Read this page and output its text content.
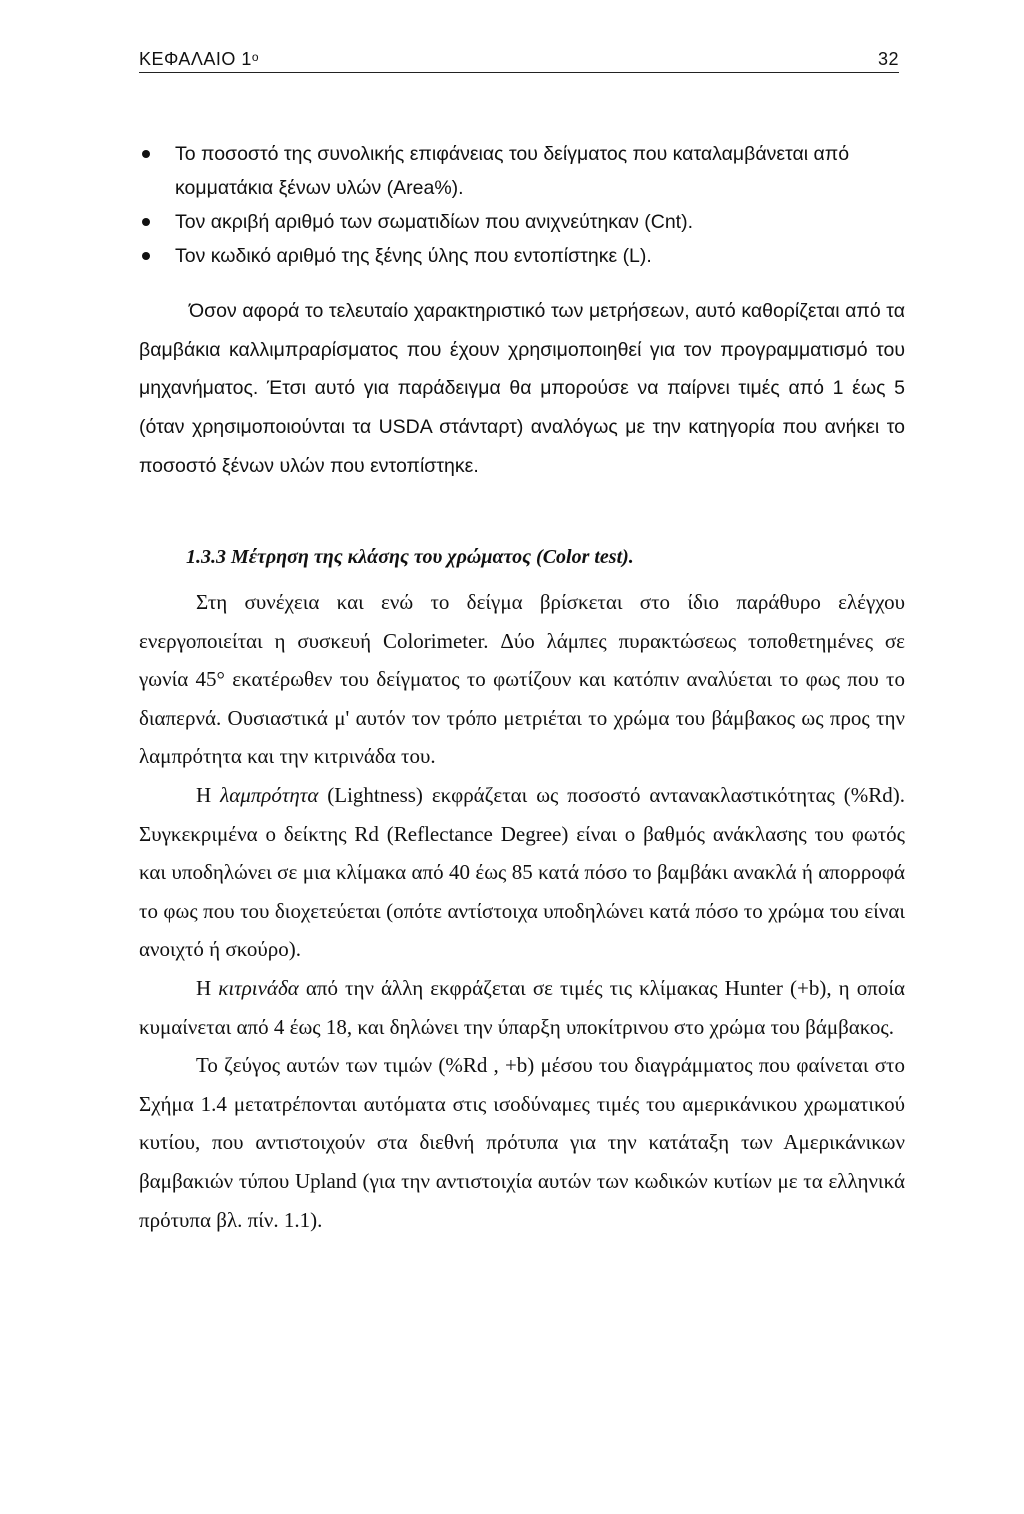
ΚΕΦΑΛΑΙΟ $1^o$	32
Το ποσοστό της συνολικής επιφάνειας του δείγματος που καταλαμβάνεται από κομματάκια ξένων υλών (Area%).
Τον ακριβή αριθμό των σωματιδίων που ανιχνεύτηκαν (Cnt).
Τον κωδικό αριθμό της ξένης ύλης που εντοπίστηκε (L).

Όσον αφορά το τελευταίο χαρακτηριστικό των μετρήσεων, αυτό καθορίζεται από τα βαμβάκια καλλιμπραρίσματος που έχουν χρησιμοποιηθεί για τον προγραμματισμό του μηχανήματος. Έτσι αυτό για παράδειγμα θα μπορούσε να παίρνει τιμές από 1 έως 5 (όταν χρησιμοποιούνται τα USDA στάνταρτ) αναλόγως με την κατηγορία που ανήκει το ποσοστό ξένων υλών που εντοπίστηκε.

1.3.3 Μέτρηση της κλάσης του χρώματος (Color test).

Στη συνέχεια και ενώ το δείγμα βρίσκεται στο ίδιο παράθυρο ελέγχου ενεργοποιείται η συσκευή Colorimeter. Δύο λάμπες πυρακτώσεως τοποθετημένες σε γωνία 45° εκατέρωθεν του δείγματος το φωτίζουν και κατόπιν αναλύεται το φως που το διαπερνά. Ουσιαστικά μ' αυτόν τον τρόπο μετριέται το χρώμα του βάμβακος ως προς την λαμπρότητα και την κιτρινάδα του.

Η λαμπρότητα (Lightness) εκφράζεται ως ποσοστό αντανακλαστικότητας (%Rd). Συγκεκριμένα ο δείκτης Rd (Reflectance Degree) είναι ο βαθμός ανάκλασης του φωτός και υποδηλώνει σε μια κλίμακα από 40 έως 85 κατά πόσο το βαμβάκι ανακλά ή απορροφά το φως που του διοχετεύεται (οπότε αντίστοιχα υποδηλώνει κατά πόσο το χρώμα του είναι ανοιχτό ή σκούρο).

Η κιτρινάδα από την άλλη εκφράζεται σε τιμές τις κλίμακας Hunter (+b), η οποία κυμαίνεται από 4 έως 18, και δηλώνει την ύπαρξη υποκίτρινου στο χρώμα του βάμβακος.

Το ζεύγος αυτών των τιμών (%Rd , +b) μέσου του διαγράμματος που φαίνεται στο Σχήμα 1.4 μετατρέπονται αυτόματα στις ισοδύναμες τιμές του αμερικάνικου χρωματικού κυτίου, που αντιστοιχούν στα διεθνή πρότυπα για την κατάταξη των Αμερικάνικων βαμβακιών τύπου Upland (για την αντιστοιχία αυτών των κωδικών κυτίων με τα ελληνικά πρότυπα βλ. πίν. 1.1).
